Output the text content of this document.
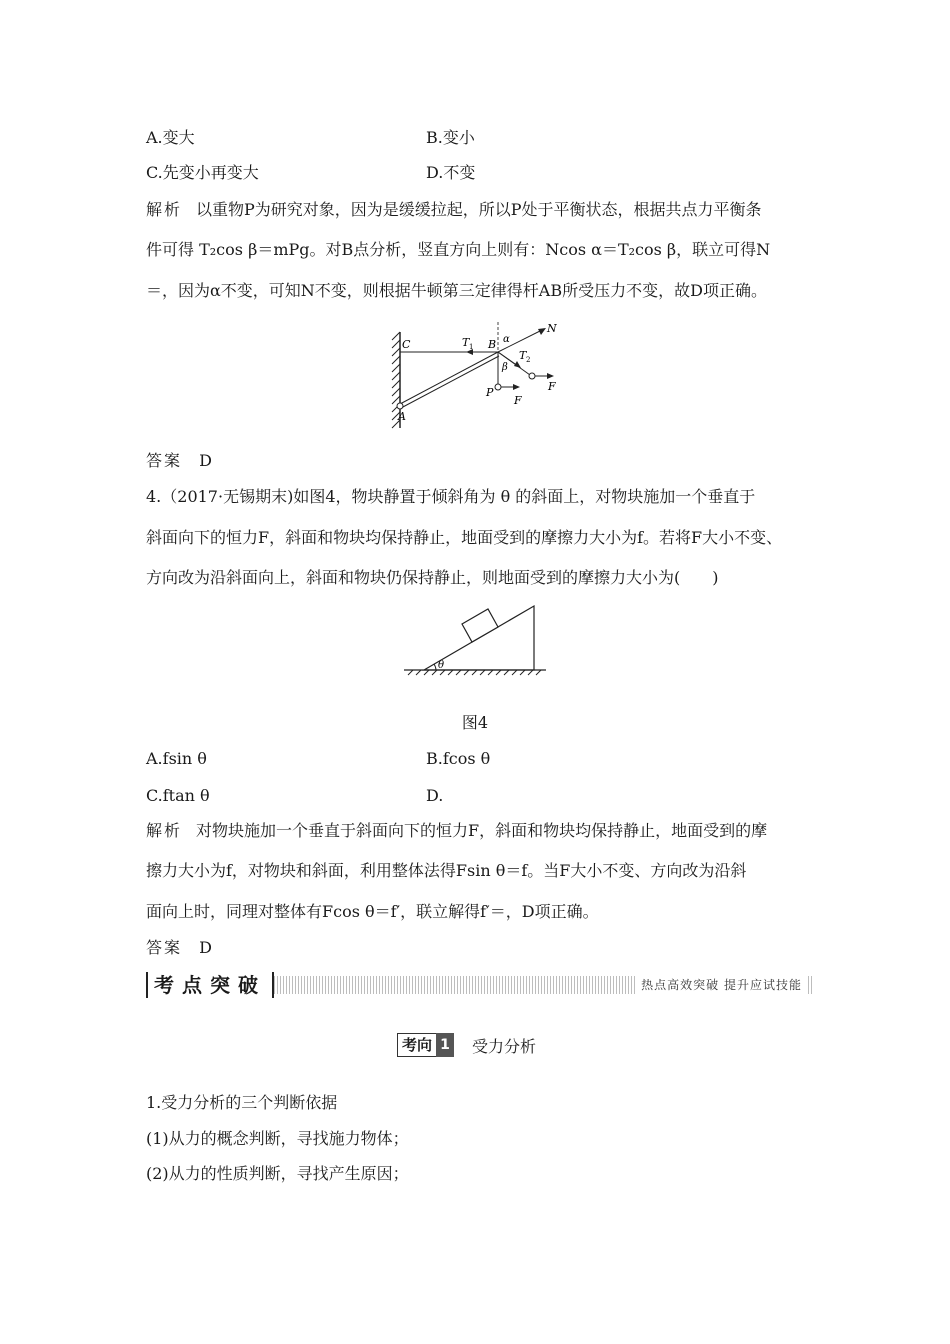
A.变大	B.变小
C.先变小再变大	D.不变
解析 以重物P为研究对象，因为是缓缓拉起，所以P处于平衡状态，根据共点力平衡条
件可得 T₂cos β＝mPg。对B点分析，竖直方向上则有：Ncos α＝T₂cos β，联立可得N
＝，因为α不变，可知N不变，则根据牛顿第三定律得杆AB所受压力不变，故D项正确。
C	B
A
T 1
T 2
N
α
β
P
F
F
答案 D
4.（2017·无锡期末)如图4，物块静置于倾斜角为 θ 的斜面上，对物块施加一个垂直于
斜面向下的恒力F，斜面和物块均保持静止，地面受到的摩擦力大小为f。若将F大小不变、
方向改为沿斜面向上，斜面和物块仍保持静止，则地面受到的摩擦力大小为(　　)
θ
图4
A.fsin θ	B.fcos θ
C.ftan θ	D.
解析 对物块施加一个垂直于斜面向下的恒力F，斜面和物块均保持静止，地面受到的摩
擦力大小为f，对物块和斜面，利用整体法得Fsin θ＝f。当F大小不变、方向改为沿斜
面向上时，同理对整体有Fcos θ＝f′，联立解得f′＝，D项正确。
答案 D
考点突破	热点高效突破 提升应试技能
考向 1 受力分析
1.受力分析的三个判断依据
(1)从力的概念判断，寻找施力物体；
(2)从力的性质判断，寻找产生原因；
